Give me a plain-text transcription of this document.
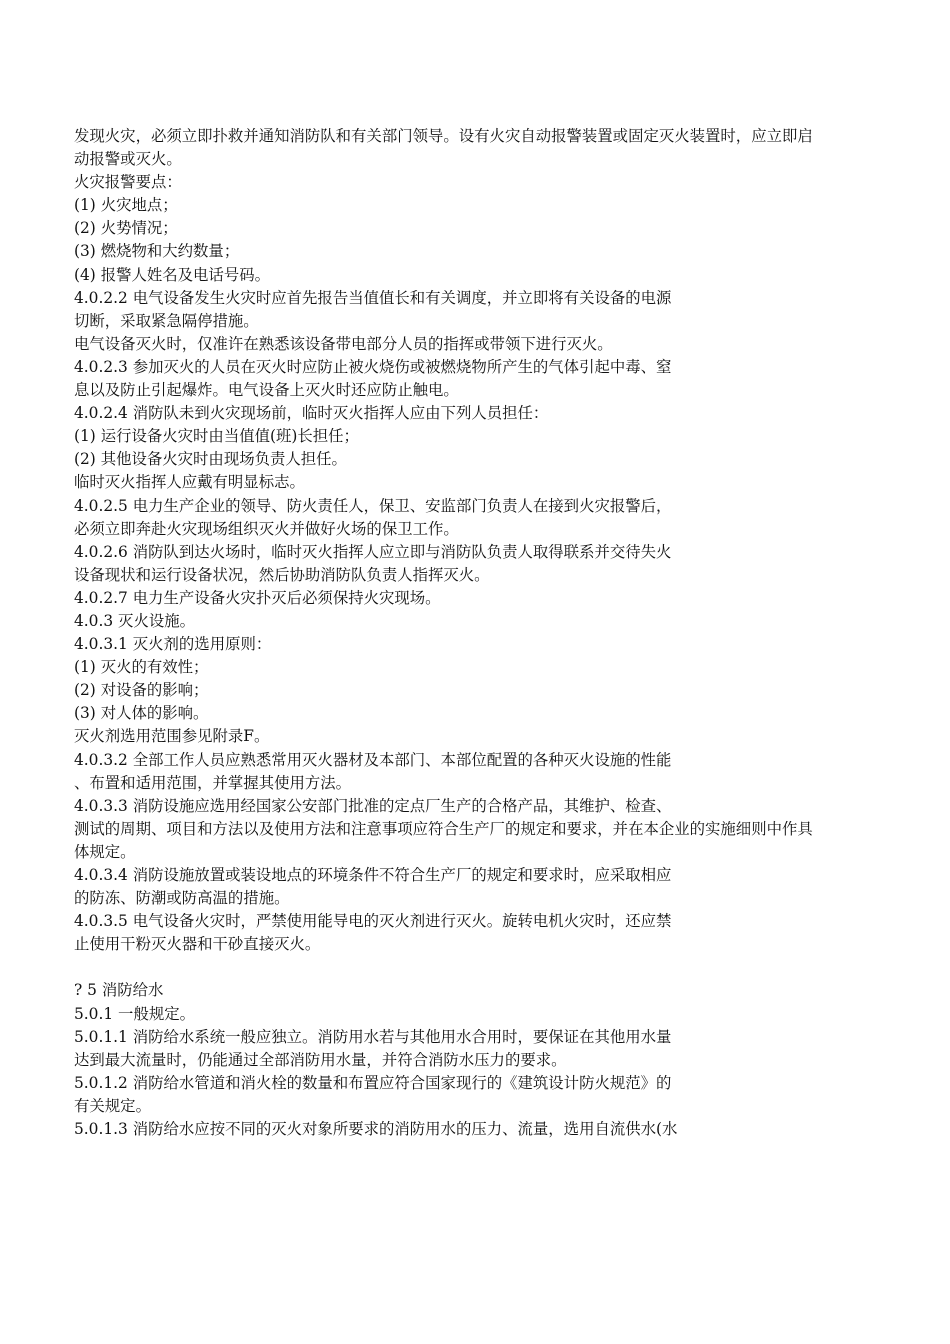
发现火灾，必须立即扑救并通知消防队和有关部门领导。设有火灾自动报警装置或固定灭火装置时，应立即启
动报警或灭火。
火灾报警要点：
(1) 火灾地点；
(2) 火势情况；
(3) 燃烧物和大约数量；
(4) 报警人姓名及电话号码。
4.0.2.2 电气设备发生火灾时应首先报告当值值长和有关调度，并立即将有关设备的电源
切断，采取紧急隔停措施。
电气设备灭火时，仅准许在熟悉该设备带电部分人员的指挥或带领下进行灭火。
4.0.2.3 参加灭火的人员在灭火时应防止被火烧伤或被燃烧物所产生的气体引起中毒、窒
息以及防止引起爆炸。电气设备上灭火时还应防止触电。
4.0.2.4 消防队未到火灾现场前，临时灭火指挥人应由下列人员担任：
(1) 运行设备火灾时由当值值(班)长担任；
(2) 其他设备火灾时由现场负责人担任。
临时灭火指挥人应戴有明显标志。
4.0.2.5 电力生产企业的领导、防火责任人，保卫、安监部门负责人在接到火灾报警后，
必须立即奔赴火灾现场组织灭火并做好火场的保卫工作。
4.0.2.6 消防队到达火场时，临时灭火指挥人应立即与消防队负责人取得联系并交待失火
设备现状和运行设备状况，然后协助消防队负责人指挥灭火。
4.0.2.7 电力生产设备火灾扑灭后必须保持火灾现场。
4.0.3 灭火设施。
4.0.3.1 灭火剂的选用原则：
(1) 灭火的有效性；
(2) 对设备的影响；
(3) 对人体的影响。
灭火剂选用范围参见附录F。
4.0.3.2 全部工作人员应熟悉常用灭火器材及本部门、本部位配置的各种灭火设施的性能
、布置和适用范围，并掌握其使用方法。
4.0.3.3 消防设施应选用经国家公安部门批准的定点厂生产的合格产品，其维护、检查、
测试的周期、项目和方法以及使用方法和注意事项应符合生产厂的规定和要求，并在本企业的实施细则中作具
体规定。
4.0.3.4 消防设施放置或装设地点的环境条件不符合生产厂的规定和要求时，应采取相应
的防冻、防潮或防高温的措施。
4.0.3.5 电气设备火灾时，严禁使用能导电的灭火剂进行灭火。旋转电机火灾时，还应禁
止使用干粉灭火器和干砂直接灭火。
? 5 消防给水
5.0.1 一般规定。
5.0.1.1 消防给水系统一般应独立。消防用水若与其他用水合用时，要保证在其他用水量
达到最大流量时，仍能通过全部消防用水量，并符合消防水压力的要求。
5.0.1.2 消防给水管道和消火栓的数量和布置应符合国家现行的《建筑设计防火规范》的
有关规定。
5.0.1.3 消防给水应按不同的灭火对象所要求的消防用水的压力、流量，选用自流供水(水
